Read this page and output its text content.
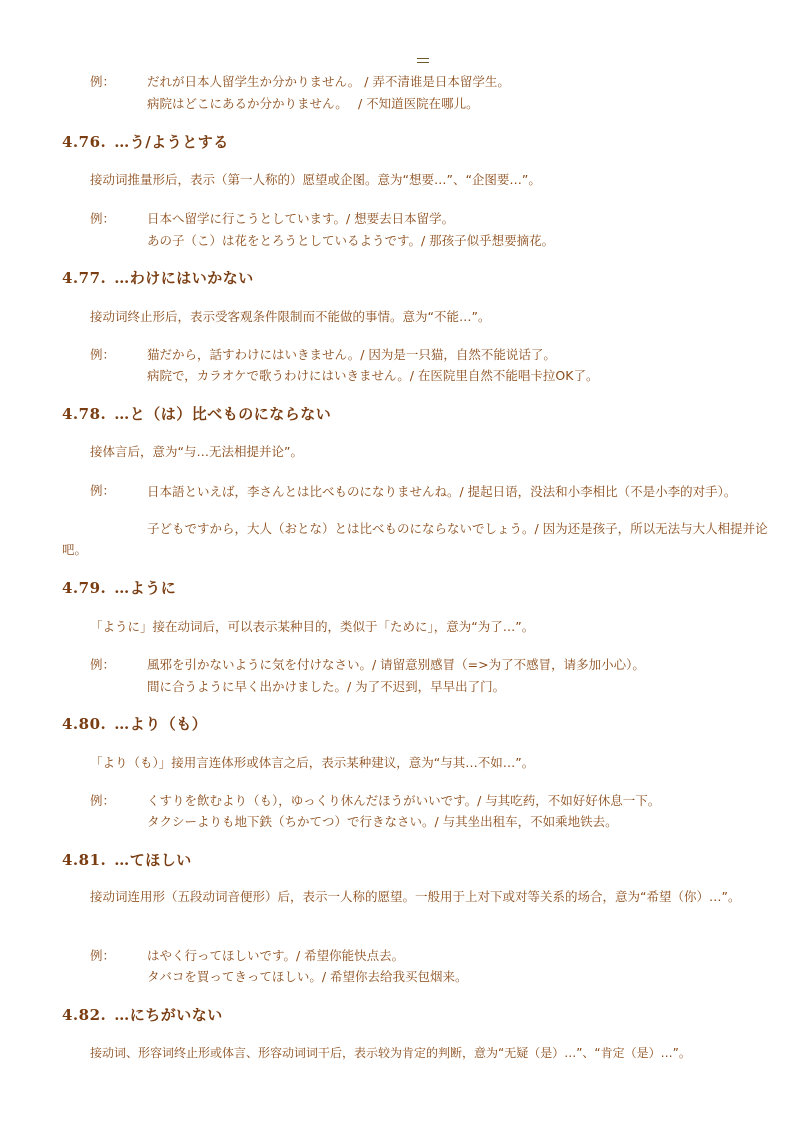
例：	だれが日本人留学生か分かりません。 / 弄不清谁是日本留学生。
病院はどこにあるか分かりません。　 / 不知道医院在哪儿。
4.76. …う/ようとする
接动词推量形后，表示（第一人称的）愿望或企图。意为“想要…”、“企图要…”。
例：	日本へ留学に行こうとしています。/ 想要去日本留学。
あの子（こ）は花をとろうとしているようです。/ 那孩子似乎想要摘花。
4.77. …わけにはいかない
接动词终止形后，表示受客观条件限制而不能做的事情。意为“不能…”。
例：	猫だから，話すわけにはいきません。/ 因为是一只猫，自然不能说话了。
病院で，カラオケで歌うわけにはいきません。/ 在医院里自然不能唱卡拉OK了。
4.78. …と（は）比べものにならない
接体言后，意为“与…无法相提并论”。
例：	日本語といえば，李さんとは比べものになりませんね。/ 提起日语，没法和小李相比（不是小李的对手）。
子どもですから，大人（おとな）とは比べものにならないでしょう。/ 因为还是孩子，所以无法与大人相提并论吧。
4.79. …ように
「ように」接在动词后，可以表示某种目的，类似于「ために」，意为“为了…”。
例：	風邪を引かないように気を付けなさい。/ 请留意别感冒（=>为了不感冒，请多加小心）。
間に合うように早く出かけました。/ 为了不迟到，早早出了门。
4.80. …より（も）
「より（も）」接用言连体形或体言之后，表示某种建议，意为“与其…不如…”。
例：	くすりを飲むより（も），ゆっくり休んだほうがいいです。/ 与其吃药，不如好好休息一下。
タクシーよりも地下鉄（ちかてつ）で行きなさい。/ 与其坐出租车，不如乘地铁去。
4.81. …てほしい
接动词连用形（五段动词音便形）后，表示一人称的愿望。一般用于上对下或对等关系的场合，意为“希望（你）…”。
例：	はやく行ってほしいです。/ 希望你能快点去。
タバコを買ってきってほしい。/ 希望你去给我买包烟来。
4.82. …にちがいない
接动词、形容词终止形或体言、形容动词词干后，表示较为肯定的判断，意为“无疑（是）…”、“肯定（是）…”。
